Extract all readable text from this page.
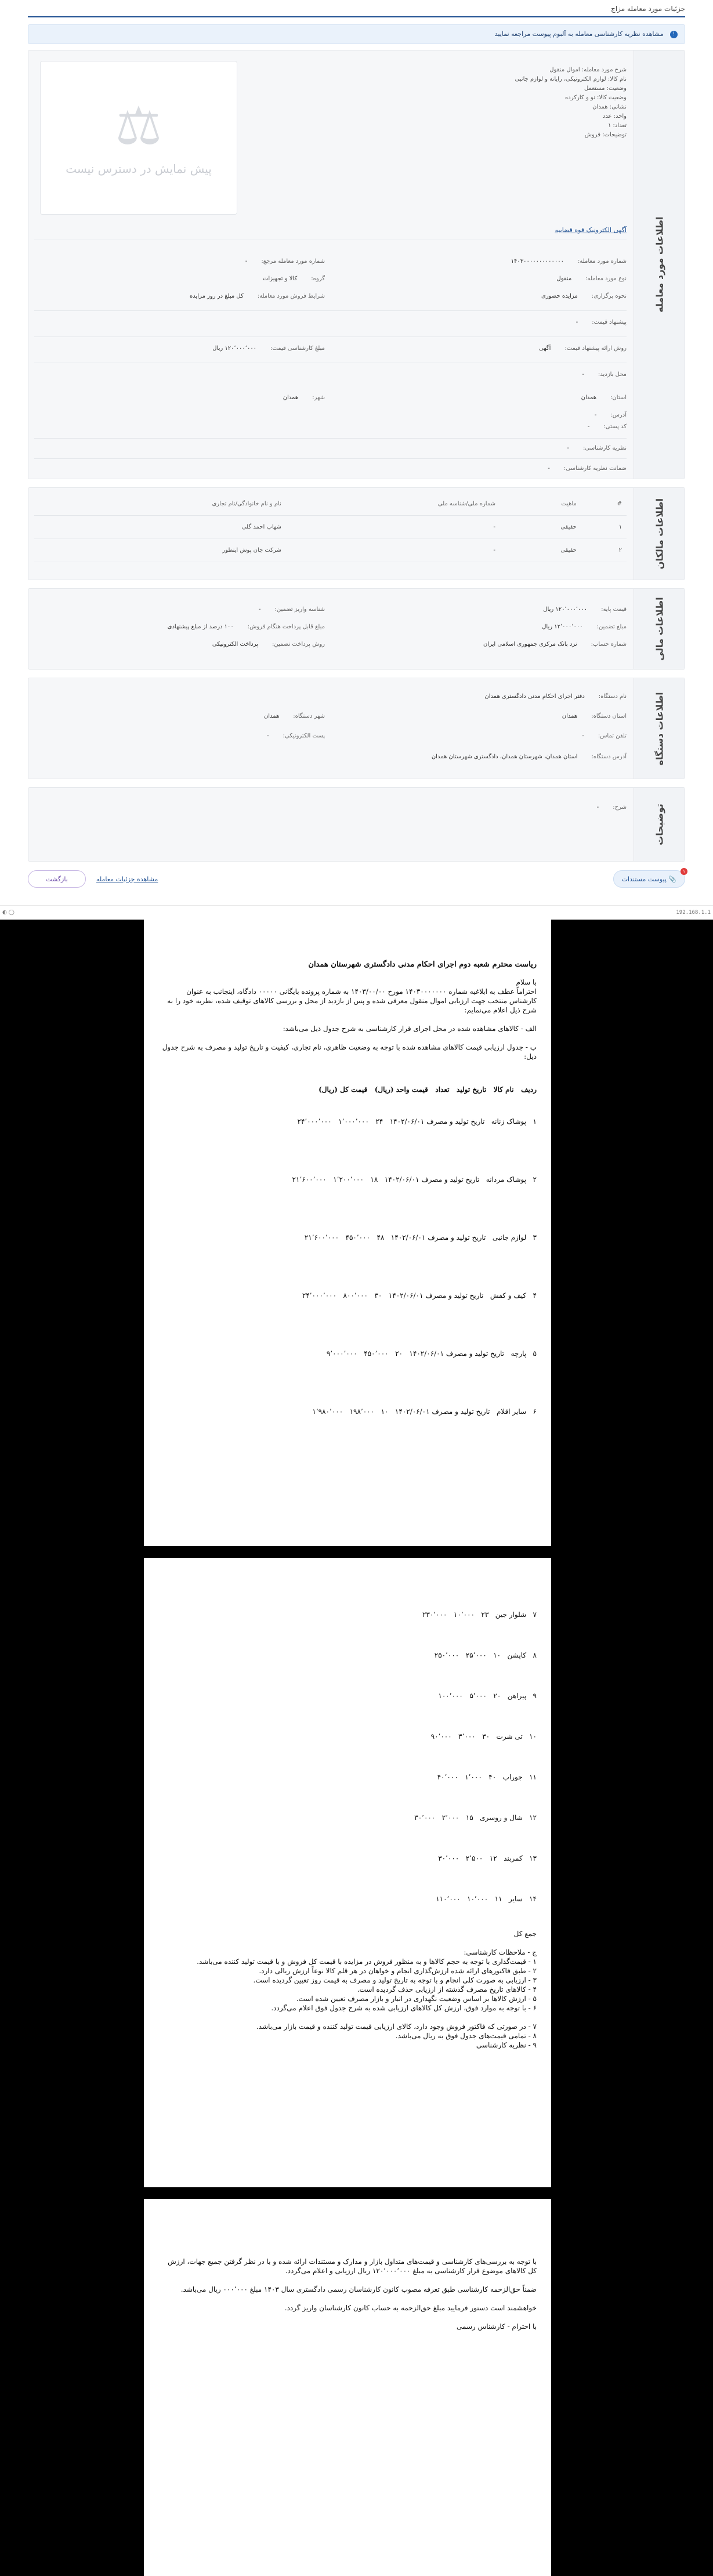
جزئیات مورد معامله مزاج
! مشاهده نظریه کارشناسی معامله به آلبوم پیوست مراجعه نمایید
اطلاعات مورد معامله
⚖
پیش نمایش در دسترس نیست
شرح مورد معامله: اموال منقول
نام کالا: لوازم الکترونیکی، رایانه و لوازم جانبی
وضعیت: مستعمل
وضعیت کالا: نو و کارکرده
نشانی: همدان
واحد: عدد
تعداد: ۱
توضیحات: فروش
آگهی الکترونیک قوه قضاییه
شماره مورد معامله:
۱۴۰۳۰۰۰۰۰۰۰۰۰۰۰۰۰
شماره مورد معامله مرجع:
-
نوع مورد معامله:
منقول
گروه:
کالا و تجهیزات
نحوه برگزاری:
مزایده حضوری
شرایط فروش مورد معامله:
کل مبلغ در روز مزایده
پیشنهاد قیمت:
-
روش ارائه پیشنهاد قیمت:
آگهی
مبلغ کارشناسی قیمت:
۱۲۰٬۰۰۰٬۰۰۰ ریال
محل بازدید:
-
استان:
همدان
شهر:
همدان
آدرس:
-
کد پستی:
-
نظریه کارشناسی:
-
ضمانت نظریه کارشناسی:
-
اطلاعات مالکان
#	ماهیت	شماره ملی/شناسه ملی	نام و نام خانوادگی/نام تجاری
۱	حقیقی	-	شهاب احمد گلی
۲	حقیقی	-	شرکت جان پوش اینطور
اطلاعات مالی
قیمت پایه:
۱۲۰٬۰۰۰٬۰۰۰ ریال
شناسه واریز تضمین:
-
مبلغ تضمین:
۱۲٬۰۰۰٬۰۰۰ ریال
مبلغ قابل پرداخت هنگام فروش:
۱۰۰ درصد از مبلغ پیشنهادی
شماره حساب:
نزد بانک مرکزی جمهوری اسلامی ایران
روش پرداخت تضمین:
پرداخت الکترونیکی
اطلاعات دستگاه
نام دستگاه:
دفتر اجرای احکام مدنی دادگستری همدان
استان دستگاه:
همدان
شهر دستگاه:
همدان
تلفن تماس:
-
پست الکترونیکی:
-
آدرس دستگاه:
استان همدان، شهرستان همدان، دادگستری شهرستان همدان
توضیحات
شرح:
-
📎 پیوست مستندات
۱
مشاهده جزئیات معامله
بازگشت
◐ ◯	192.168.1.1
ریاست محترم شعبه دوم اجرای احکام مدنی دادگستری شهرستان همدان
با سلام
احتراماً عطف به ابلاغیه شماره ۱۴۰۳۰۰۰۰۰۰۰ مورخ ۱۴۰۳/۰۰/۰۰ به شماره پرونده بایگانی ۰۰۰۰۰ دادگاه، اینجانب به عنوان کارشناس منتخب جهت ارزیابی اموال منقول معرفی شده و پس از بازدید از محل و بررسی کالاهای توقیف شده، نظریه خود را به شرح ذیل اعلام می‌نمایم:

الف - کالاهای مشاهده شده در محل اجرای قرار کارشناسی به شرح جدول ذیل می‌باشد:

ب - جدول ارزیابی قیمت کالاهای مشاهده شده با توجه به وضعیت ظاهری، نام تجاری، کیفیت و تاریخ تولید و مصرف به شرح جدول ذیل:
ردیف   نام کالا   تاریخ تولید   تعداد   قیمت واحد (ریال)   قیمت کل (ریال)
۱   پوشاک زنانه   تاریخ تولید و مصرف ۱۴۰۲/۰۶/۰۱   ۲۴   ۱٬۰۰۰٬۰۰۰   ۲۴٬۰۰۰٬۰۰۰
۲   پوشاک مردانه   تاریخ تولید و مصرف ۱۴۰۲/۰۶/۰۱   ۱۸   ۱٬۲۰۰٬۰۰۰   ۲۱٬۶۰۰٬۰۰۰
۳   لوازم جانبی   تاریخ تولید و مصرف ۱۴۰۲/۰۶/۰۱   ۴۸   ۴۵۰٬۰۰۰   ۲۱٬۶۰۰٬۰۰۰
۴   کیف و کفش   تاریخ تولید و مصرف ۱۴۰۲/۰۶/۰۱   ۳۰   ۸۰۰٬۰۰۰   ۲۴٬۰۰۰٬۰۰۰
۵   پارچه   تاریخ تولید و مصرف ۱۴۰۲/۰۶/۰۱   ۲۰   ۴۵۰٬۰۰۰   ۹٬۰۰۰٬۰۰۰
۶   سایر اقلام   تاریخ تولید و مصرف ۱۴۰۲/۰۶/۰۱   ۱۰   ۱۹۸٬۰۰۰   ۱٬۹۸۰٬۰۰۰
۷   شلوار جین   ۲۳   ۱۰٬۰۰۰   ۲۳۰٬۰۰۰
۸   کاپشن   ۱۰   ۲۵٬۰۰۰   ۲۵۰٬۰۰۰
۹   پیراهن   ۲۰   ۵٬۰۰۰   ۱۰۰٬۰۰۰
۱۰   تی شرت   ۳۰   ۳٬۰۰۰   ۹۰٬۰۰۰
۱۱   جوراب   ۴۰   ۱٬۰۰۰   ۴۰٬۰۰۰
۱۲   شال و روسری   ۱۵   ۲٬۰۰۰   ۳۰٬۰۰۰
۱۳   کمربند   ۱۲   ۲٬۵۰۰   ۳۰٬۰۰۰
۱۴   سایر   ۱۱   ۱۰٬۰۰۰   ۱۱۰٬۰۰۰
جمع کل

ج - ملاحظات کارشناسی:
۱ - قیمت‌گذاری با توجه به حجم کالاها و به منظور فروش در مزایده با قیمت کل فروش و با قیمت تولید کننده می‌باشد.
۲ - طبق فاکتورهای ارائه شده ارزش‌گذاری انجام و خواهان در هر قلم کالا نوعاً ارزش ریالی دارد.
۳ - ارزیابی به صورت کلی انجام و با توجه به تاریخ تولید و مصرف به قیمت روز تعیین گردیده است.
۴ - کالاهای تاریخ مصرف گذشته از ارزیابی حذف گردیده است.
۵ - ارزش کالاها بر اساس وضعیت نگهداری در انبار و بازار مصرف تعیین شده است.
۶ - با توجه به موارد فوق، ارزش کل کالاهای ارزیابی شده به شرح جدول فوق اعلام می‌گردد.

۷ - در صورتی که فاکتور فروش وجود دارد، کالای ارزیابی قیمت تولید کننده و قیمت بازار می‌باشد.
۸ - تمامی قیمت‌های جدول فوق به ریال می‌باشد.
۹ - نظریه کارشناسی
با توجه به بررسی‌های کارشناسی و قیمت‌های متداول بازار و مدارک و مستندات ارائه شده و با در نظر گرفتن جمیع جهات، ارزش کل کالاهای موضوع قرار کارشناسی به مبلغ ۱۲۰٬۰۰۰٬۰۰۰ ریال ارزیابی و اعلام می‌گردد.

ضمناً حق‌الزحمه کارشناسی طبق تعرفه مصوب کانون کارشناسان رسمی دادگستری سال ۱۴۰۳ مبلغ ۰۰۰٬۰۰۰ ریال می‌باشد.

خواهشمند است دستور فرمایید مبلغ حق‌الزحمه به حساب کانون کارشناسان واریز گردد.

با احترام - کارشناس رسمی
